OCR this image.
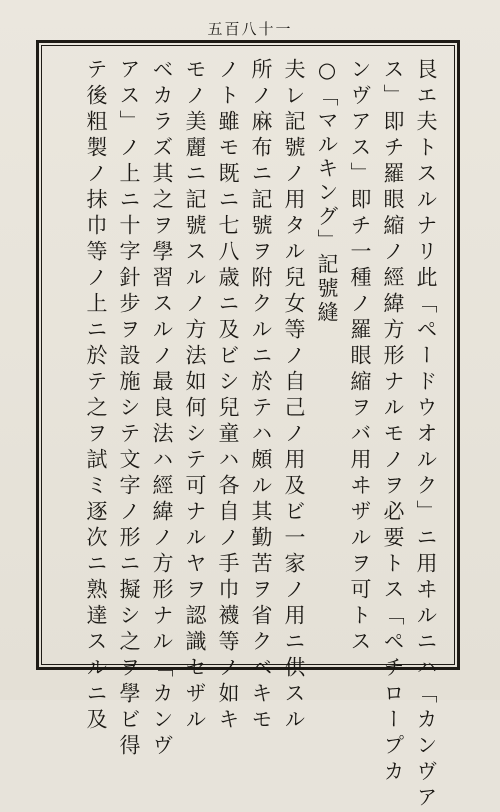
五百八十一
艮エ夫トスルナリ此「ペードウオルク」ニ用ヰルニハ「カンヴア
ス」即チ羅眼縮ノ經緯方形ナルモノヲ必要トス「ペチロープカ
ンヴアス」即チ一種ノ羅眼縮ヲバ用ヰザルヲ可トス
○「マルキング」記號縫
夫レ記號ノ用タル兒女等ノ自己ノ用及ビ一家ノ用ニ供スル
所ノ麻布ニ記號ヲ附クルニ於テハ頗ル其勤苦ヲ省クベキモ
ノト雖モ既ニ七八歳ニ及ビシ兒童ハ各自ノ手巾襪等ノ如キ
モノ美麗ニ記號スルノ方法如何シテ可ナルヤヲ認識セザル
ベカラズ其之ヲ學習スルノ最良法ハ經緯ノ方形ナル「カンヴ
アス」ノ上ニ十字針步ヲ設施シテ文字ノ形ニ擬シ之ヲ學ビ得
テ後粗製ノ抹巾等ノ上ニ於テ之ヲ試ミ逐次ニ熟達スルニ及
